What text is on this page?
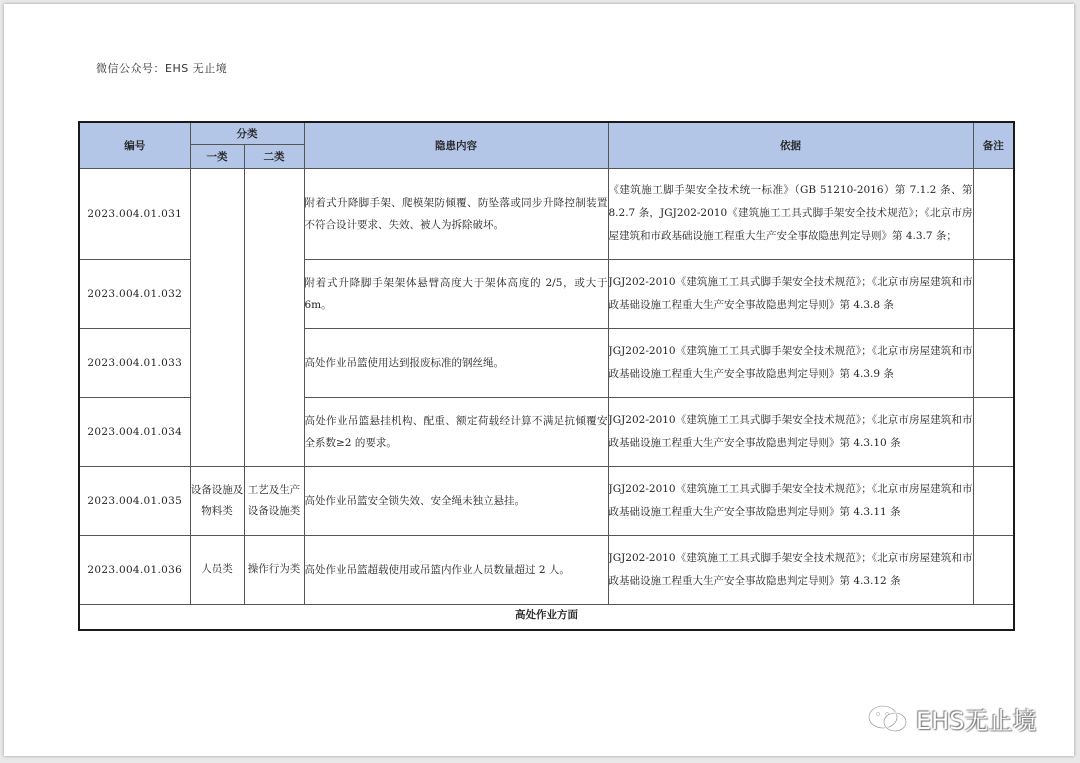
微信公众号：EHS 无止境
编号	分类		隐患内容	依据	备注
	一类	二类			
2023.004.01.031			附着式升降脚手架、爬模架防倾覆、防坠落或同步升降控制装置不符合设计要求、失效、被人为拆除破坏。	《建筑施工脚手架安全技术统一标准》（GB 51210-2016）第 7.1.2 条、第 8.2.7 条，JGJ202-2010《建筑施工工具式脚手架安全技术规范》；《北京市房屋建筑和市政基础设施工程重大生产安全事故隐患判定导则》第 4.3.7 条；	
2023.004.01.032			附着式升降脚手架架体悬臂高度大于架体高度的 2/5，或大于 6m。	JGJ202-2010《建筑施工工具式脚手架安全技术规范》；《北京市房屋建筑和市政基础设施工程重大生产安全事故隐患判定导则》第 4.3.8 条	
2023.004.01.033			高处作业吊篮使用达到报废标准的钢丝绳。	JGJ202-2010《建筑施工工具式脚手架安全技术规范》；《北京市房屋建筑和市政基础设施工程重大生产安全事故隐患判定导则》第 4.3.9 条	
2023.004.01.034			高处作业吊篮悬挂机构、配重、额定荷载经计算不满足抗倾覆安全系数≥2 的要求。	JGJ202-2010《建筑施工工具式脚手架安全技术规范》；《北京市房屋建筑和市政基础设施工程重大生产安全事故隐患判定导则》第 4.3.10 条	
2023.004.01.035	设备设施及物料类	工艺及生产设备设施类	高处作业吊篮安全锁失效、安全绳未独立悬挂。	JGJ202-2010《建筑施工工具式脚手架安全技术规范》；《北京市房屋建筑和市政基础设施工程重大生产安全事故隐患判定导则》第 4.3.11 条	
2023.004.01.036	人员类	操作行为类	高处作业吊篮超载使用或吊篮内作业人员数量超过 2 人。	JGJ202-2010《建筑施工工具式脚手架安全技术规范》；《北京市房屋建筑和市政基础设施工程重大生产安全事故隐患判定导则》第 4.3.12 条	
高处作业方面					
EHS无止境
